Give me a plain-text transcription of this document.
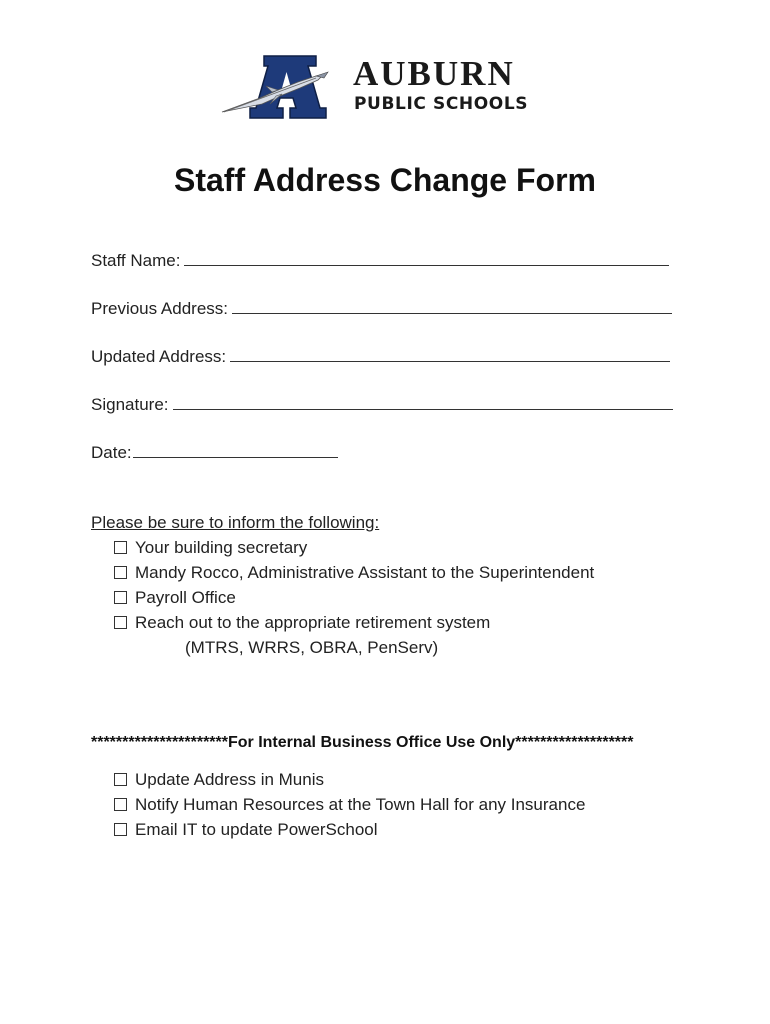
AUBURN
PUBLIC SCHOOLS
Staff Address Change Form
Staff Name:
Previous Address:
Updated Address:
Signature:
Date:
Please be sure to inform the following:
Your building secretary
Mandy Rocco, Administrative Assistant to the Superintendent
Payroll Office
Reach out to the appropriate retirement system
(MTRS, WRRS, OBRA, PenServ)
**********************For Internal Business Office Use Only*******************
Update Address in Munis
Notify Human Resources at the Town Hall for any Insurance
Email IT to update PowerSchool
